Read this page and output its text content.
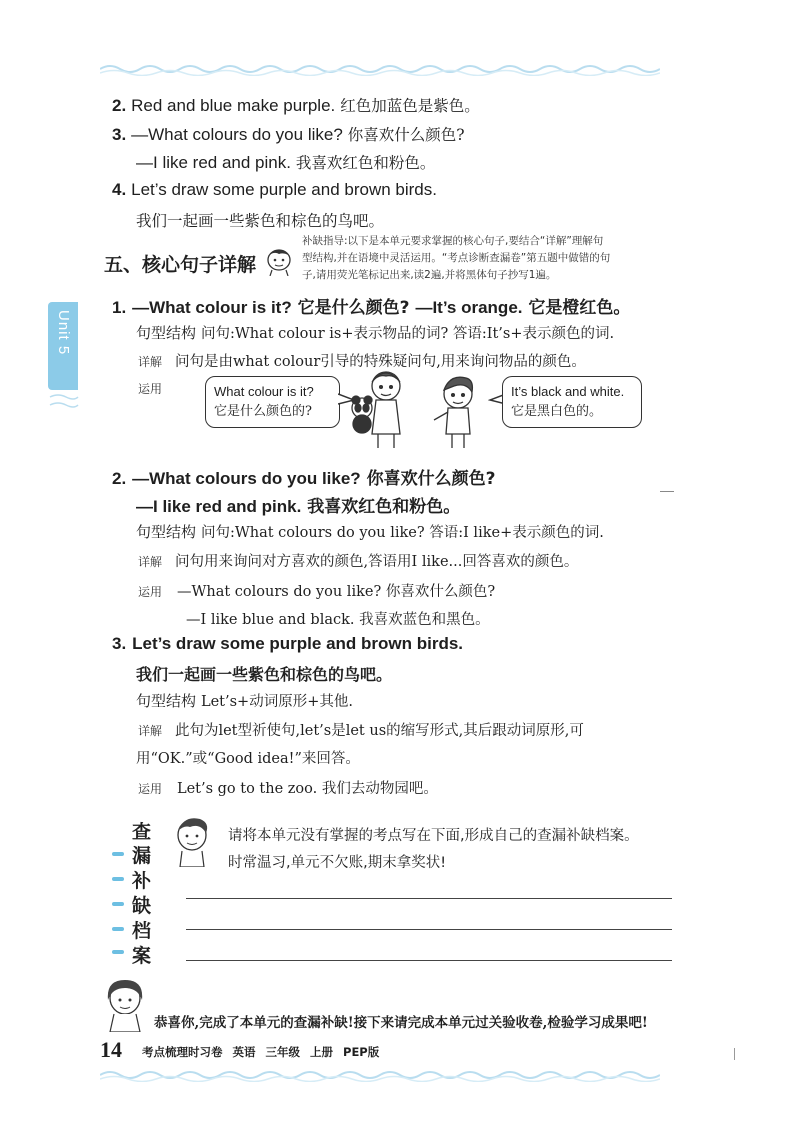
2. Red and blue make purple. 红色加蓝色是紫色。
3. —What colours do you like? 你喜欢什么颜色?
—I like red and pink. 我喜欢红色和粉色。
4. Let’s draw some purple and brown birds.
我们一起画一些紫色和棕色的鸟吧。
五、核心句子详解
补缺指导:以下是本单元要求掌握的核心句子,要结合“详解”理解句
型结构,并在语境中灵活运用。“考点诊断查漏卷”第五题中做错的句
子,请用荧光笔标记出来,读2遍,并将黑体句子抄写1遍。
Unit 5
1. —What colour is it? 它是什么颜色? —It’s orange. 它是橙红色。
句型结构 问句:What colour is+表示物品的词? 答语:It’s+表示颜色的词.
详解 问句是由what colour引导的特殊疑问句,用来询问物品的颜色。
运用	What colour is it?
它是什么颜色的?
It’s black and white.
它是黑白色的。
2. —What colours do you like? 你喜欢什么颜色?
—I like red and pink. 我喜欢红色和粉色。
句型结构 问句:What colours do you like? 答语:I like+表示颜色的词.
详解 问句用来询问对方喜欢的颜色,答语用I like...回答喜欢的颜色。
运用 —What colours do you like? 你喜欢什么颜色?
—I like blue and black. 我喜欢蓝色和黑色。
3. Let’s draw some purple and brown birds.
我们一起画一些紫色和棕色的鸟吧。
句型结构 Let’s+动词原形+其他.
详解 此句为let型祈使句,let’s是let us的缩写形式,其后跟动词原形,可
用“OK.”或“Good idea!”来回答。
运用 Let’s go to the zoo. 我们去动物园吧。
查
漏
补
缺
档
案
请将本单元没有掌握的考点写在下面,形成自己的查漏补缺档案。
时常温习,单元不欠账,期末拿奖状!
恭喜你,完成了本单元的查漏补缺!接下来请完成本单元过关验收卷,检验学习成果吧!
14 考点梳理时习卷 英语 三年级 上册 PEP版
